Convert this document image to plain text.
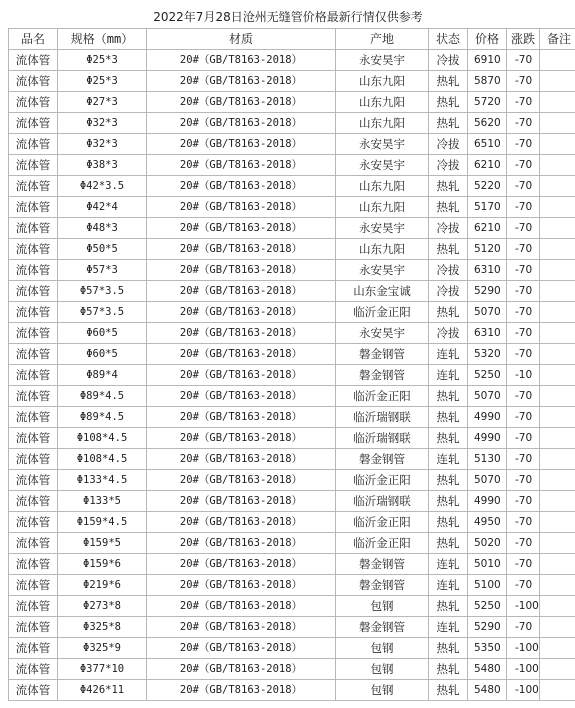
2022年7月28日沧州无缝管价格最新行情仅供参考
品名	规格（mm）	材质	产地	状态	价格	涨跌	备注
流体管	Φ25*3	20#（GB/T8163-2018）	永安昊宇	冷拔	6910	-70	
流体管	Φ25*3	20#（GB/T8163-2018）	山东九阳	热轧	5870	-70	
流体管	Φ27*3	20#（GB/T8163-2018）	山东九阳	热轧	5720	-70	
流体管	Φ32*3	20#（GB/T8163-2018）	山东九阳	热轧	5620	-70	
流体管	Φ32*3	20#（GB/T8163-2018）	永安昊宇	冷拔	6510	-70	
流体管	Φ38*3	20#（GB/T8163-2018）	永安昊宇	冷拔	6210	-70	
流体管	Φ42*3.5	20#（GB/T8163-2018）	山东九阳	热轧	5220	-70	
流体管	Φ42*4	20#（GB/T8163-2018）	山东九阳	热轧	5170	-70	
流体管	Φ48*3	20#（GB/T8163-2018）	永安昊宇	冷拔	6210	-70	
流体管	Φ50*5	20#（GB/T8163-2018）	山东九阳	热轧	5120	-70	
流体管	Φ57*3	20#（GB/T8163-2018）	永安昊宇	冷拔	6310	-70	
流体管	Φ57*3.5	20#（GB/T8163-2018）	山东金宝诚	冷拔	5290	-70	
流体管	Φ57*3.5	20#（GB/T8163-2018）	临沂金正阳	热轧	5070	-70	
流体管	Φ60*5	20#（GB/T8163-2018）	永安昊宇	冷拔	6310	-70	
流体管	Φ60*5	20#（GB/T8163-2018）	磐金钢管	连轧	5320	-70	
流体管	Φ89*4	20#（GB/T8163-2018）	磐金钢管	连轧	5250	-10	
流体管	Φ89*4.5	20#（GB/T8163-2018）	临沂金正阳	热轧	5070	-70	
流体管	Φ89*4.5	20#（GB/T8163-2018）	临沂瑞钢联	热轧	4990	-70	
流体管	Φ108*4.5	20#（GB/T8163-2018）	临沂瑞钢联	热轧	4990	-70	
流体管	Φ108*4.5	20#（GB/T8163-2018）	磐金钢管	连轧	5130	-70	
流体管	Φ133*4.5	20#（GB/T8163-2018）	临沂金正阳	热轧	5070	-70	
流体管	Φ133*5	20#（GB/T8163-2018）	临沂瑞钢联	热轧	4990	-70	
流体管	Φ159*4.5	20#（GB/T8163-2018）	临沂金正阳	热轧	4950	-70	
流体管	Φ159*5	20#（GB/T8163-2018）	临沂金正阳	热轧	5020	-70	
流体管	Φ159*6	20#（GB/T8163-2018）	磐金钢管	连轧	5010	-70	
流体管	Φ219*6	20#（GB/T8163-2018）	磐金钢管	连轧	5100	-70	
流体管	Φ273*8	20#（GB/T8163-2018）	包钢	热轧	5250	-100	
流体管	Φ325*8	20#（GB/T8163-2018）	磐金钢管	连轧	5290	-70	
流体管	Φ325*9	20#（GB/T8163-2018）	包钢	热轧	5350	-100	
流体管	Φ377*10	20#（GB/T8163-2018）	包钢	热轧	5480	-100	
流体管	Φ426*11	20#（GB/T8163-2018）	包钢	热轧	5480	-100	
